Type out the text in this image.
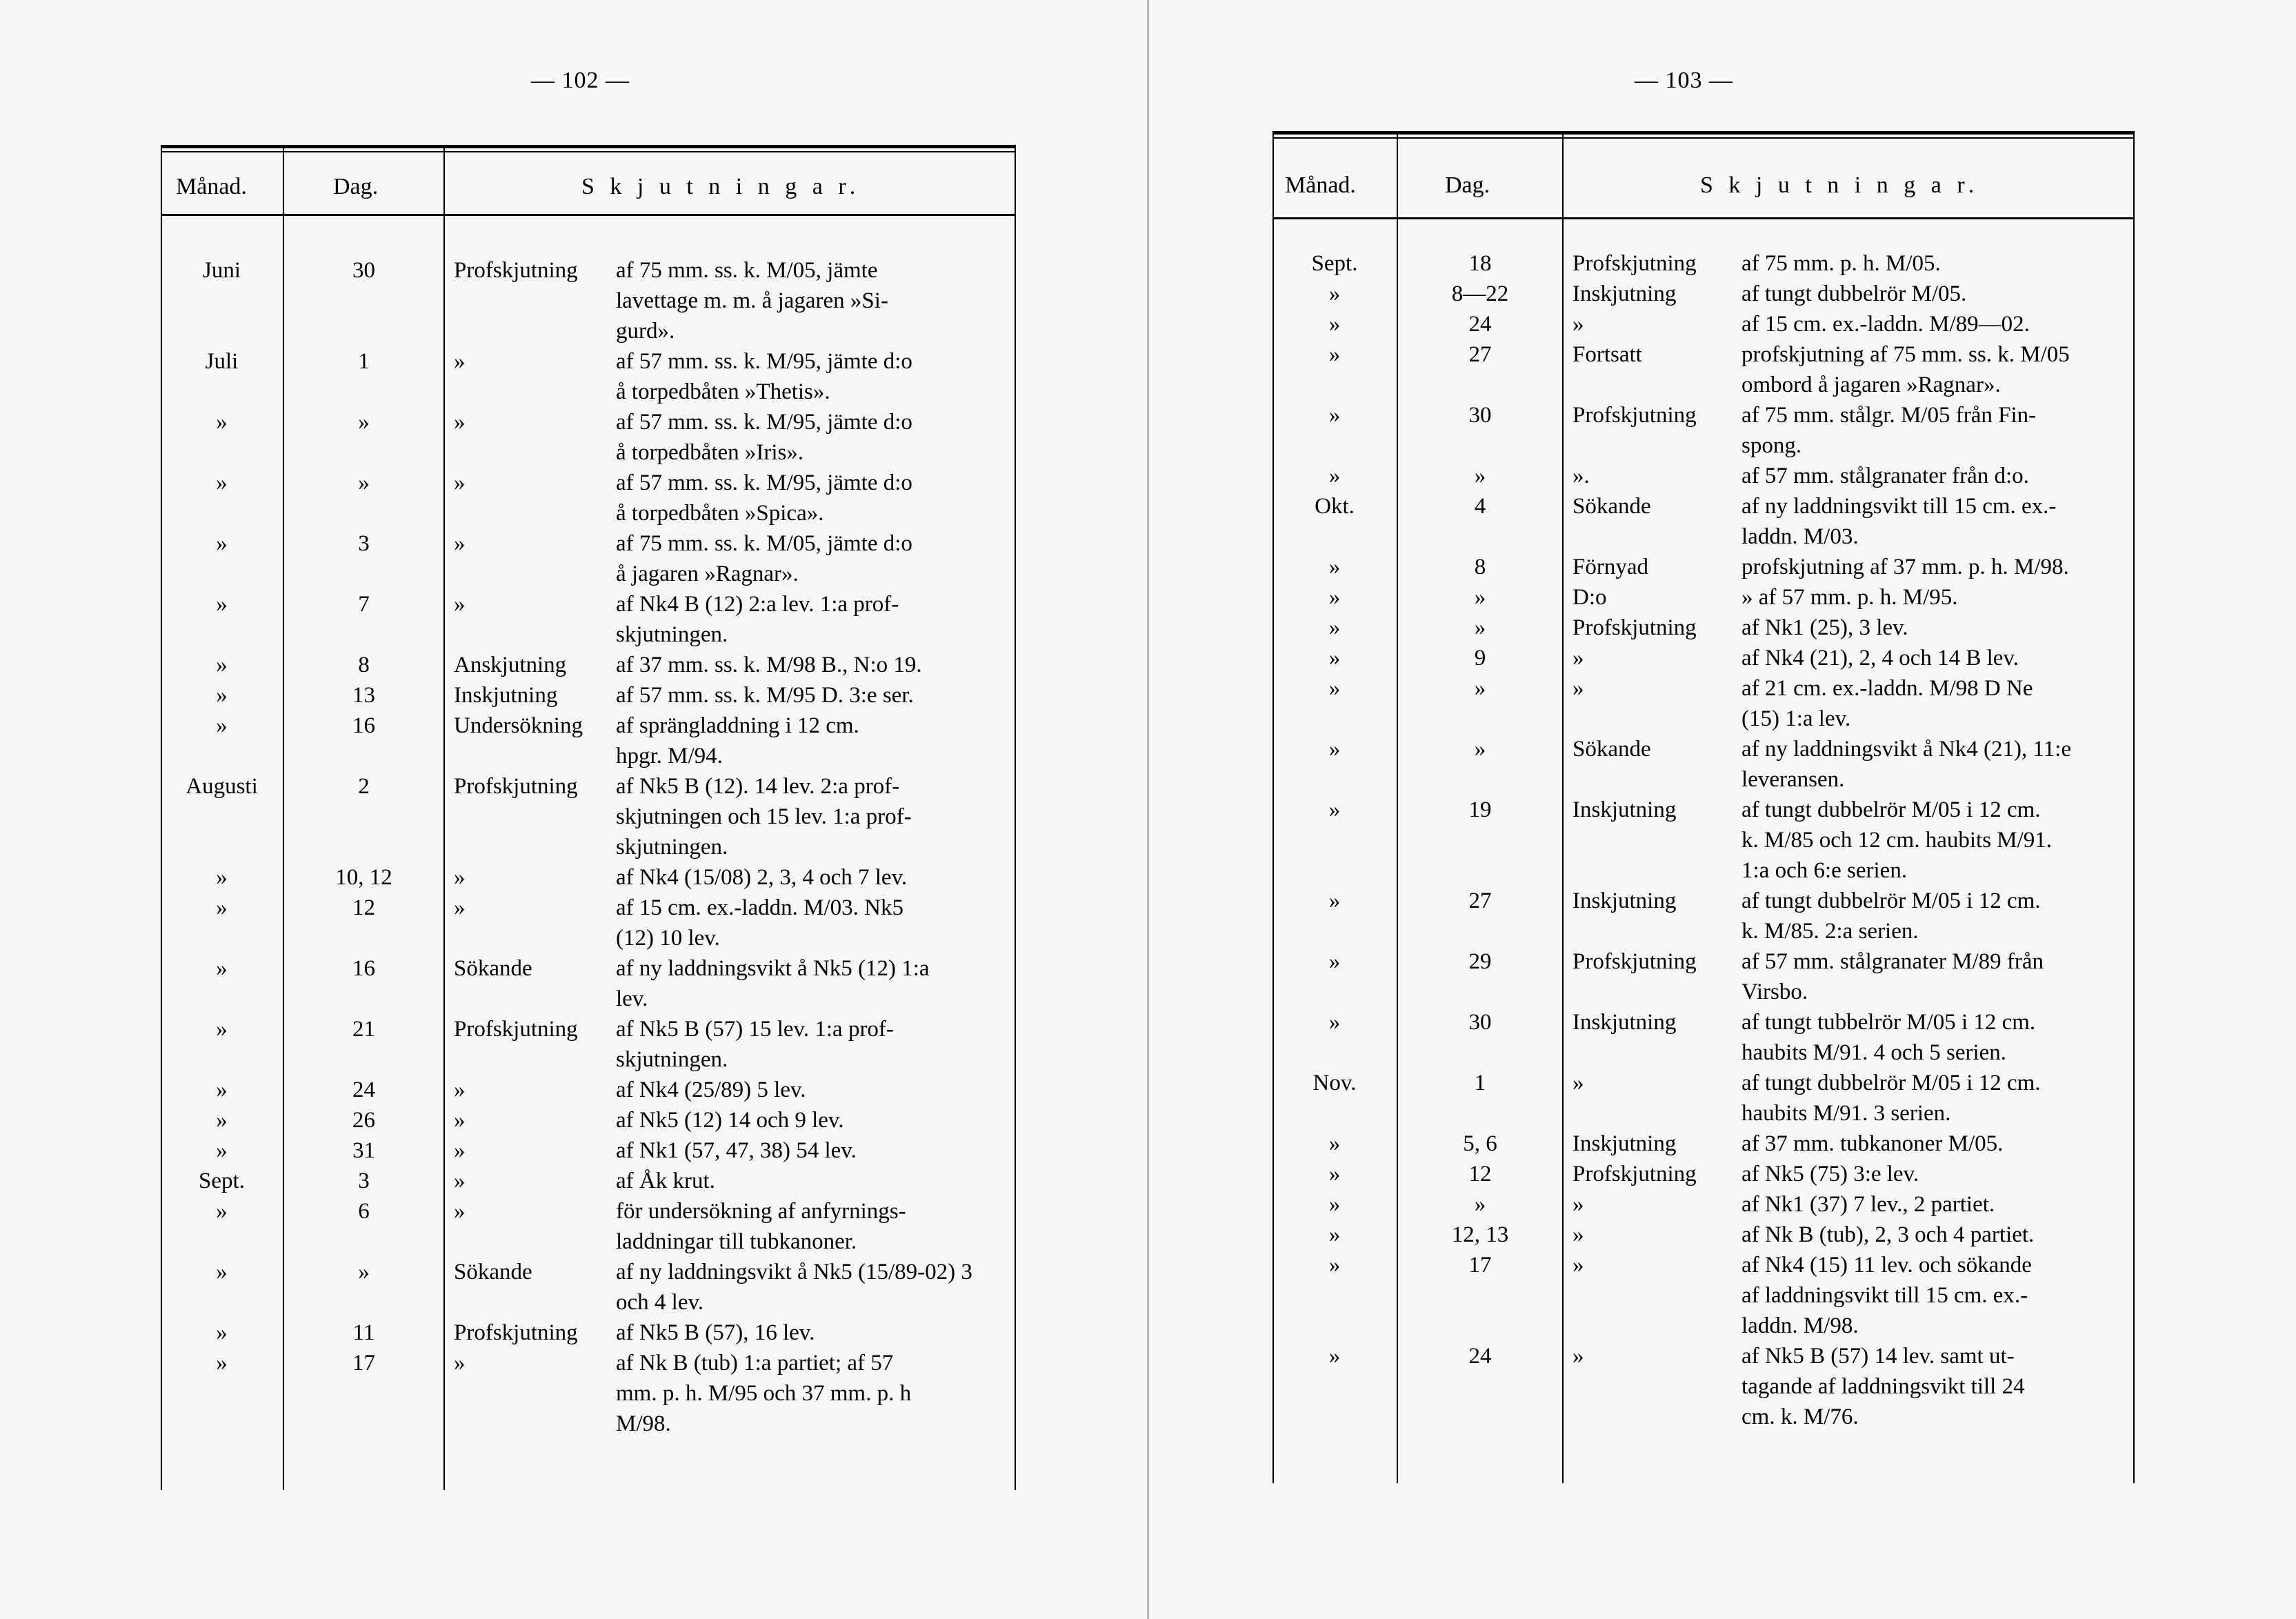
— 102 —
Månad.	Dag.	S k j u t n i n g a r.
Juni	30	Profskjutning af 75 mm. ss. k. M/05, jämte
lavettage m. m. å jagaren »Si-
gurd».
Juli	1	»	af 57 mm. ss. k. M/95, jämte d:o
å torpedbåten »Thetis».
»	»	»	af 57 mm. ss. k. M/95, jämte d:o
å torpedbåten »Iris».
»	»	»	af 57 mm. ss. k. M/95, jämte d:o
å torpedbåten »Spica».
»	3	»	af 75 mm. ss. k. M/05, jämte d:o
å jagaren »Ragnar».
»	7	»	af Nk4 B (12) 2:a lev. 1:a prof-
skjutningen.
»	8	Anskjutning af 37 mm. ss. k. M/98 B., N:o 19.
»	13	Inskjutning	af 57 mm. ss. k. M/95 D. 3:e ser.
»	16	Undersökning af sprängladdning i 12 cm.
hpgr. M/94.
Augusti	2	Profskjutning af Nk5 B (12). 14 lev. 2:a prof-
skjutningen och 15 lev. 1:a prof-
skjutningen.
»	10, 12	»	af Nk4 (15/08) 2, 3, 4 och 7 lev.
»	12	»	af 15 cm. ex.-laddn. M/03. Nk5
(12) 10 lev.
»	16	Sökande	af ny laddningsvikt å Nk5 (12) 1:a
lev.
»	21	Profskjutning af Nk5 B (57) 15 lev. 1:a prof-
skjutningen.
»	24	»	af Nk4 (25/89) 5 lev.
»	26	»	af Nk5 (12) 14 och 9 lev.
»	31	»	af Nk1 (57, 47, 38) 54 lev.
Sept.	3	»	af Åk krut.
»	6	»	för undersökning af anfyrnings-
laddningar till tubkanoner.
»	»	Sökande	af ny laddningsvikt å Nk5 (15/89-02) 3
och 4 lev.
»	11	Profskjutning af Nk5 B (57), 16 lev.
»	17	»	af Nk B (tub) 1:a partiet; af 57
mm. p. h. M/95 och 37 mm. p. h
M/98.
— 103 —
Månad.	Dag.	S k j u t n i n g a r.
Sept.	18	Profskjutning af 75 mm. p. h. M/05.
»	8—22	Inskjutning	af tungt dubbelrör M/05.
»	24	»	af 15 cm. ex.-laddn. M/89—02.
»	27	Fortsatt	profskjutning af 75 mm. ss. k. M/05
ombord å jagaren »Ragnar».
»	30	Profskjutning af 75 mm. stålgr. M/05 från Fin-
spong.
»	»	».	af 57 mm. stålgranater från d:o.
Okt.	4	Sökande	af ny laddningsvikt till 15 cm. ex.-
laddn. M/03.
»	8	Förnyad	profskjutning af 37 mm. p. h. M/98.
»	»	D:o	» af 57 mm. p. h. M/95.
»	»	Profskjutning af Nk1 (25), 3 lev.
»	9	»	af Nk4 (21), 2, 4 och 14 B lev.
»	»	»	af 21 cm. ex.-laddn. M/98 D Ne
(15) 1:a lev.
»	»	Sökande	af ny laddningsvikt å Nk4 (21), 11:e
leveransen.
»	19	Inskjutning	af tungt dubbelrör M/05 i 12 cm.
k. M/85 och 12 cm. haubits M/91.
1:a och 6:e serien.
»	27	Inskjutning	af tungt dubbelrör M/05 i 12 cm.
k. M/85. 2:a serien.
»	29	Profskjutning af 57 mm. stålgranater M/89 från
Virsbo.
»	30	Inskjutning	af tungt tubbelrör M/05 i 12 cm.
haubits M/91. 4 och 5 serien.
Nov.	1	»	af tungt dubbelrör M/05 i 12 cm.
haubits M/91. 3 serien.
»	5, 6	Inskjutning	af 37 mm. tubkanoner M/05.
»	12	Profskjutning af Nk5 (75) 3:e lev.
»	»	»	af Nk1 (37) 7 lev., 2 partiet.
»	12, 13	»	af Nk B (tub), 2, 3 och 4 partiet.
»	17	»	af Nk4 (15) 11 lev. och sökande
af laddningsvikt till 15 cm. ex.-
laddn. M/98.
»	24	»	af Nk5 B (57) 14 lev. samt ut-
tagande af laddningsvikt till 24
cm. k. M/76.
